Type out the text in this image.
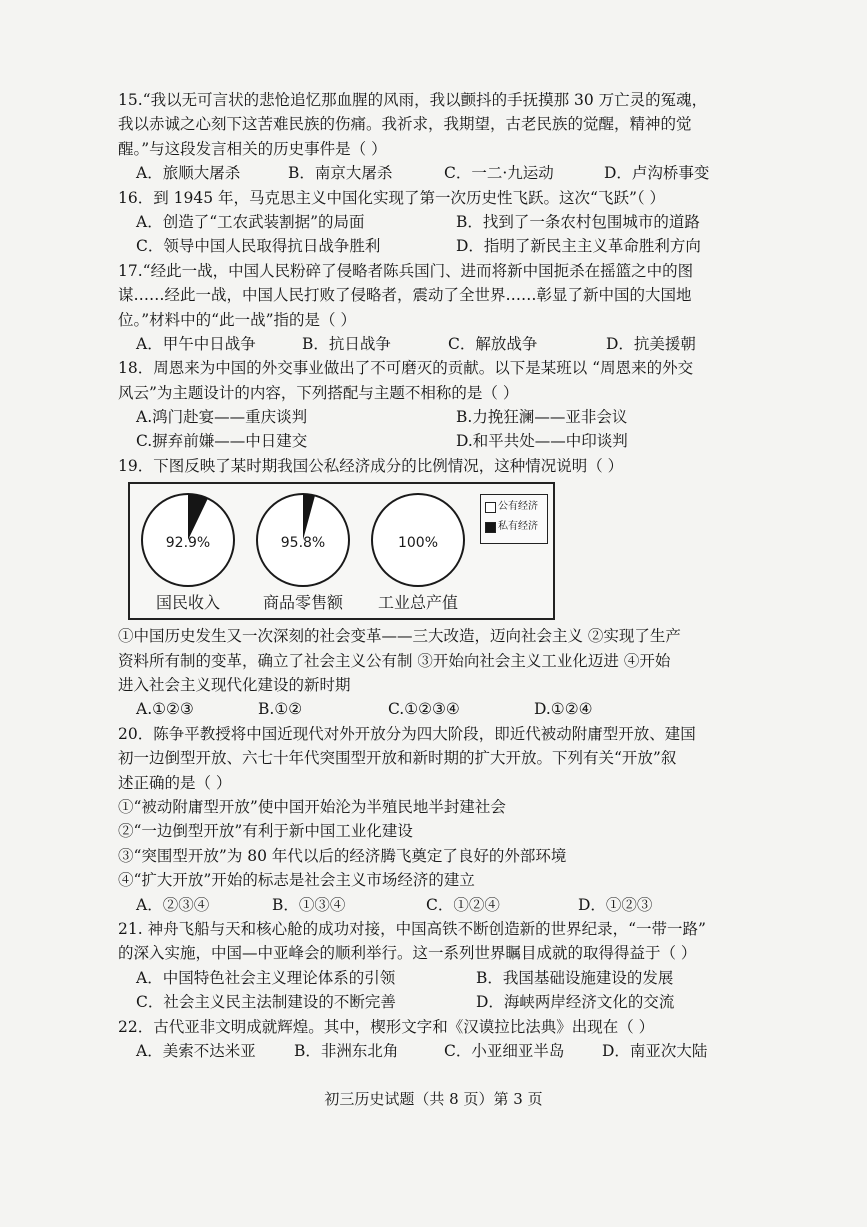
15.“我以无可言状的悲怆追忆那血腥的风雨，我以颤抖的手抚摸那 30 万亡灵的冤魂，
我以赤诚之心刻下这苦难民族的伤痛。我祈求，我期望，古老民族的觉醒，精神的觉
醒。”与这段发言相关的历史事件是（ ）
A．旅顺大屠杀	B．南京大屠杀	C．一二·九运动	D．卢沟桥事变
16．到 1945 年，马克思主义中国化实现了第一次历史性飞跃。这次“飞跃”（ ）
A．创造了“工农武装割据”的局面	B．找到了一条农村包围城市的道路
C．领导中国人民取得抗日战争胜利	D．指明了新民主主义革命胜利方向
17.“经此一战，中国人民粉碎了侵略者陈兵国门、进而将新中国扼杀在摇篮之中的图
谋……经此一战，中国人民打败了侵略者，震动了全世界……彰显了新中国的大国地
位。”材料中的“此一战”指的是（ ）
A．甲午中日战争	B．抗日战争	C．解放战争	D．抗美援朝
18．周恩来为中国的外交事业做出了不可磨灭的贡献。以下是某班以 “周恩来的外交
风云”为主题设计的内容，下列搭配与主题不相称的是（ ）
A.鸿门赴宴——重庆谈判	B.力挽狂澜——亚非会议
C.摒弃前嫌——中日建交	D.和平共处——中印谈判
19．下图反映了某时期我国公私经济成分的比例情况，这种情况说明（ ）
92.9%
国民收入
95.8%
商品零售额
100%
工业总产值
公有经济
私有经济
①中国历史发生又一次深刻的社会变革——三大改造，迈向社会主义 ②实现了生产
资料所有制的变革，确立了社会主义公有制 ③开始向社会主义工业化迈进 ④开始
进入社会主义现代化建设的新时期
A.①②③	B.①②	C.①②③④	D.①②④
20．陈争平教授将中国近现代对外开放分为四大阶段，即近代被动附庸型开放、建国
初一边倒型开放、六七十年代突围型开放和新时期的扩大开放。下列有关“开放”叙
述正确的是（ ）
①“被动附庸型开放”使中国开始沦为半殖民地半封建社会
②“一边倒型开放”有利于新中国工业化建设
③“突围型开放”为 80 年代以后的经济腾飞奠定了良好的外部环境
④“扩大开放”开始的标志是社会主义市场经济的建立
A．②③④	B．①③④	C．①②④	D．①②③
21. 神舟飞船与天和核心舱的成功对接，中国高铁不断创造新的世界纪录，“一带一路”
的深入实施，中国—中亚峰会的顺利举行。这一系列世界瞩目成就的取得得益于（ ）
A．中国特色社会主义理论体系的引领	B．我国基础设施建设的发展
C．社会主义民主法制建设的不断完善	D．海峡两岸经济文化的交流
22．古代亚非文明成就辉煌。其中，楔形文字和《汉谟拉比法典》出现在（ ）
A．美索不达米亚	B．非洲东北角	C．小亚细亚半岛	D．南亚次大陆
初三历史试题（共 8 页）第 3 页
